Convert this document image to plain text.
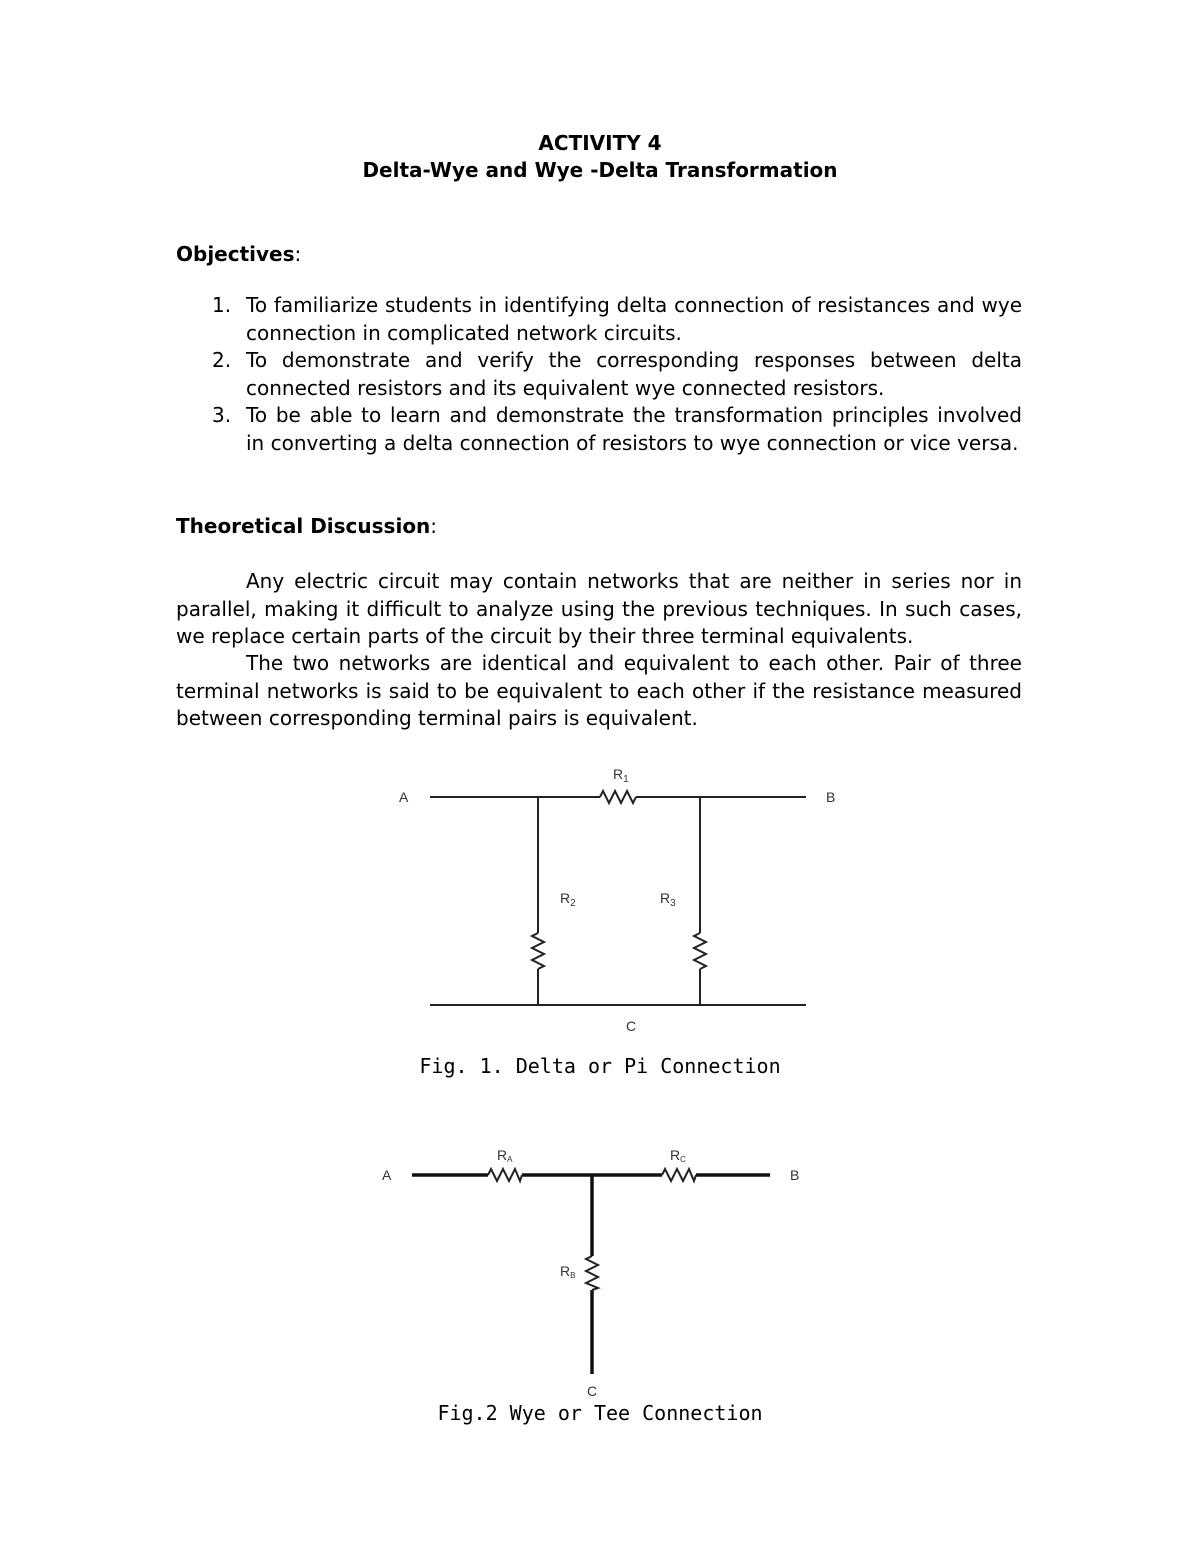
ACTIVITY 4
Delta-Wye and Wye -Delta Transformation
Objectives:
1. To familiarize students in identifying delta connection of resistances and wye connection in complicated network circuits.
2. To demonstrate and verify the corresponding responses between delta connected resistors and its equivalent wye connected resistors.
3. To be able to learn and demonstrate the transformation principles involved in converting a delta connection of resistors to wye connection or vice versa.
Theoretical Discussion:

Any electric circuit may contain networks that are neither in series nor in parallel, making it difficult to analyze using the previous techniques. In such cases, we replace certain parts of the circuit by their three terminal equivalents.

The two networks are identical and equivalent to each other. Pair of three terminal networks is said to be equivalent to each other if the resistance measured between corresponding terminal pairs is equivalent.

A	B
C
$R_1$
$R_2$	$R_3$
Fig. 1. Delta or Pi Connection
A	B
C
RA	RC
RB
Fig.2 Wye or Tee Connection
